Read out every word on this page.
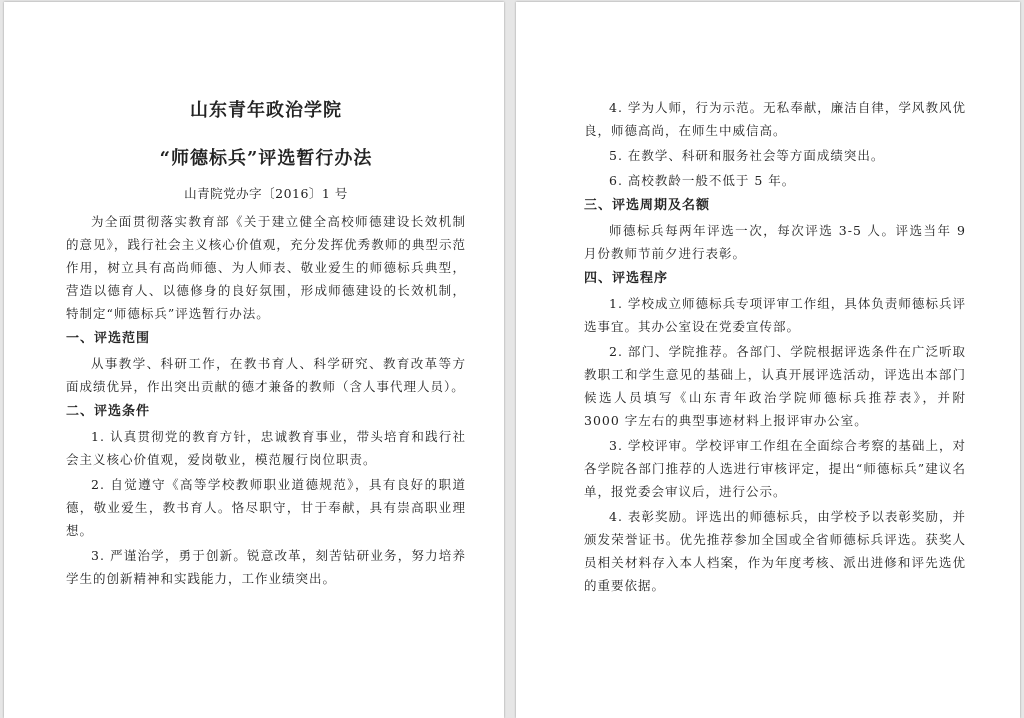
山东青年政治学院
“师德标兵”评选暂行办法
山青院党办字〔2016〕1 号

为全面贯彻落实教育部《关于建立健全高校师德建设长效机制的意见》，践行社会主义核心价值观，充分发挥优秀教师的典型示范作用，树立具有高尚师德、为人师表、敬业爱生的师德标兵典型，营造以德育人、以德修身的良好氛围，形成师德建设的长效机制，特制定“师德标兵”评选暂行办法。

一、评选范围

从事教学、科研工作，在教书育人、科学研究、教育改革等方面成绩优异，作出突出贡献的德才兼备的教师（含人事代理人员）。

二、评选条件

1. 认真贯彻党的教育方针，忠诚教育事业，带头培育和践行社会主义核心价值观，爱岗敬业，模范履行岗位职责。

2. 自觉遵守《高等学校教师职业道德规范》，具有良好的职道德，敬业爱生，教书育人。恪尽职守，甘于奉献，具有崇高职业理想。

3. 严谨治学，勇于创新。锐意改革，刻苦钻研业务，努力培养学生的创新精神和实践能力，工作业绩突出。

4. 学为人师，行为示范。无私奉献，廉洁自律，学风教风优良，师德高尚，在师生中威信高。

5. 在教学、科研和服务社会等方面成绩突出。

6. 高校教龄一般不低于 5 年。

三、评选周期及名额

师德标兵每两年评选一次，每次评选 3-5 人。评选当年 9 月份教师节前夕进行表彰。

四、评选程序

1. 学校成立师德标兵专项评审工作组，具体负责师德标兵评选事宜。其办公室设在党委宣传部。

2. 部门、学院推荐。各部门、学院根据评选条件在广泛听取教职工和学生意见的基础上，认真开展评选活动，评选出本部门候选人员填写《山东青年政治学院师德标兵推荐表》，并附 3000 字左右的典型事迹材料上报评审办公室。

3. 学校评审。学校评审工作组在全面综合考察的基础上，对各学院各部门推荐的人选进行审核评定，提出“师德标兵”建议名单，报党委会审议后，进行公示。

4. 表彰奖励。评选出的师德标兵，由学校予以表彰奖励，并颁发荣誉证书。优先推荐参加全国或全省师德标兵评选。获奖人员相关材料存入本人档案，作为年度考核、派出进修和评先选优的重要依据。
